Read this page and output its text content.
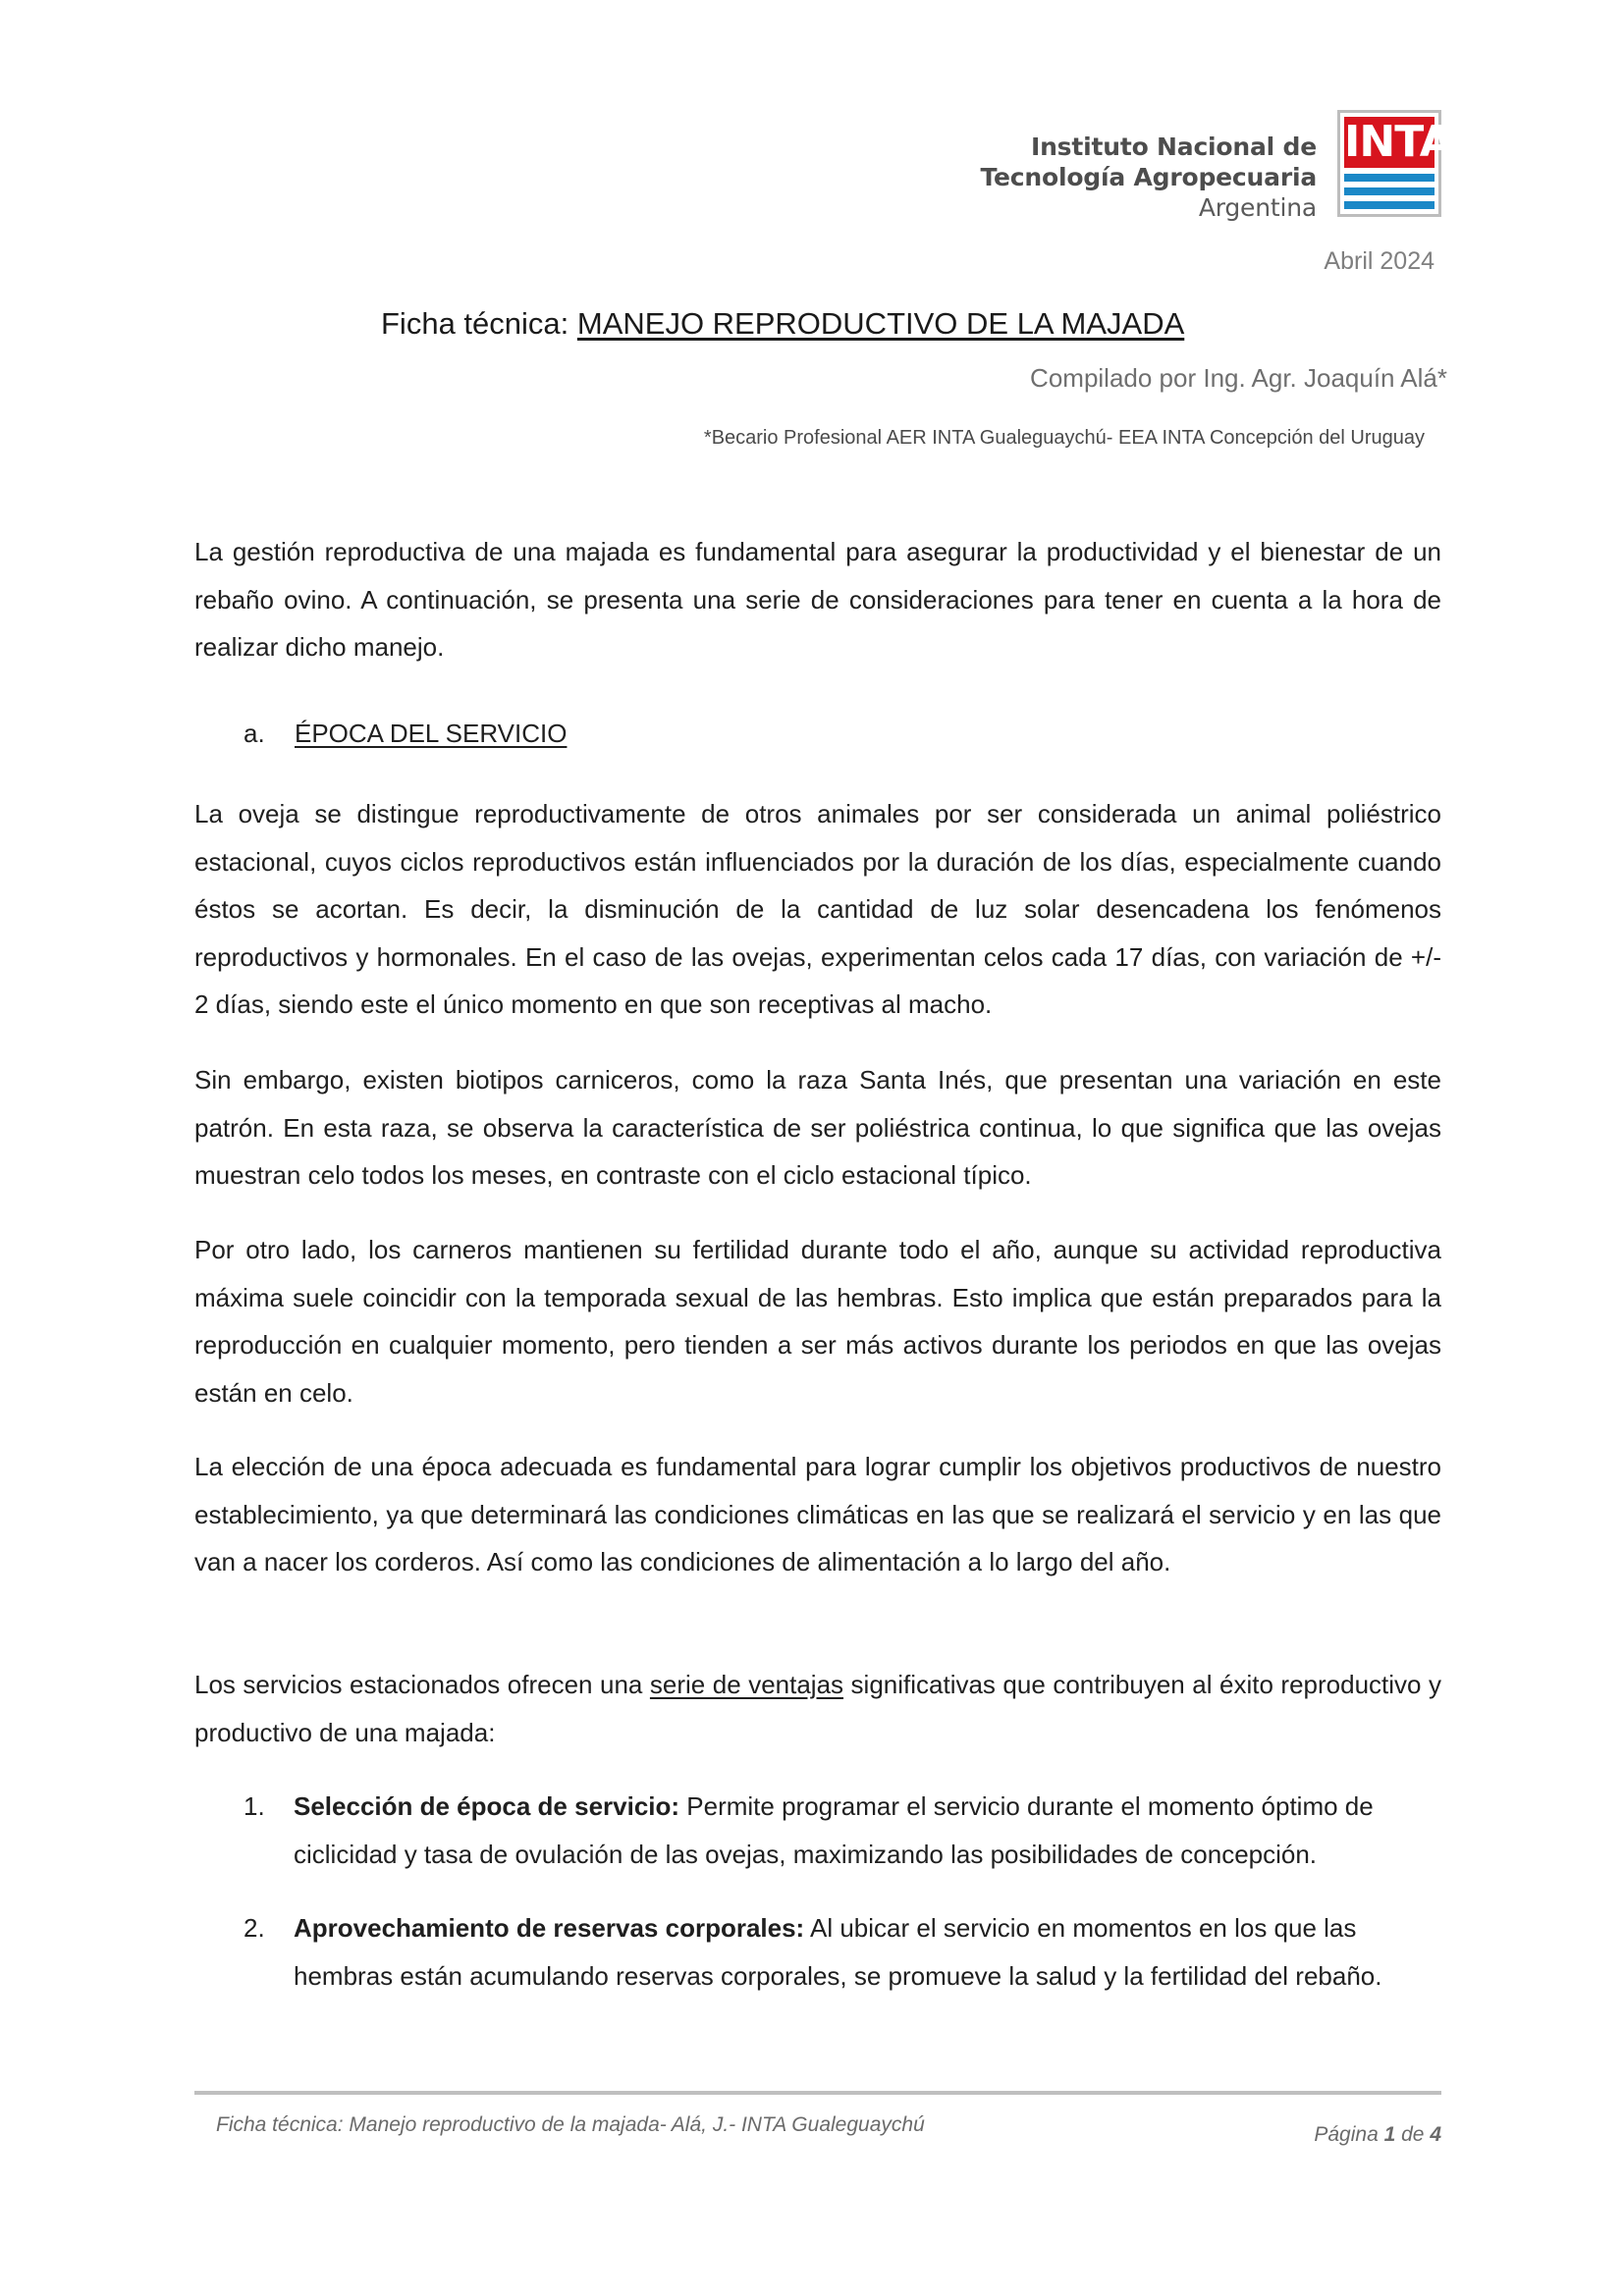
Instituto Nacional de
Tecnología Agropecuaria
Argentina
INTA
Abril 2024
Ficha técnica: MANEJO REPRODUCTIVO DE LA MAJADA
Compilado por Ing. Agr. Joaquín Alá*
*Becario Profesional AER INTA Gualeguaychú- EEA INTA Concepción del Uruguay

La gestión reproductiva de una majada es fundamental para asegurar la productividad y el bienestar de un rebaño ovino. A continuación, se presenta una serie de consideraciones para tener en cuenta a la hora de realizar dicho manejo.

a. ÉPOCA DEL SERVICIO

La oveja se distingue reproductivamente de otros animales por ser considerada un animal poliéstrico estacional, cuyos ciclos reproductivos están influenciados por la duración de los días, especialmente cuando éstos se acortan. Es decir, la disminución de la cantidad de luz solar desencadena los fenómenos reproductivos y hormonales. En el caso de las ovejas, experimentan celos cada 17 días, con variación de +/- 2 días, siendo este el único momento en que son receptivas al macho.

Sin embargo, existen biotipos carniceros, como la raza Santa Inés, que presentan una variación en este patrón. En esta raza, se observa la característica de ser poliéstrica continua, lo que significa que las ovejas muestran celo todos los meses, en contraste con el ciclo estacional típico.

Por otro lado, los carneros mantienen su fertilidad durante todo el año, aunque su actividad reproductiva máxima suele coincidir con la temporada sexual de las hembras. Esto implica que están preparados para la reproducción en cualquier momento, pero tienden a ser más activos durante los periodos en que las ovejas están en celo.

La elección de una época adecuada es fundamental para lograr cumplir los objetivos productivos de nuestro establecimiento, ya que determinará las condiciones climáticas en las que se realizará el servicio y en las que van a nacer los corderos. Así como las condiciones de alimentación a lo largo del año.

Los servicios estacionados ofrecen una serie de ventajas significativas que contribuyen al éxito reproductivo y productivo de una majada:

1. Selección de época de servicio: Permite programar el servicio durante el momento óptimo de ciclicidad y tasa de ovulación de las ovejas, maximizando las posibilidades de concepción.
2. Aprovechamiento de reservas corporales: Al ubicar el servicio en momentos en los que las hembras están acumulando reservas corporales, se promueve la salud y la fertilidad del rebaño.
Ficha técnica: Manejo reproductivo de la majada- Alá, J.- INTA Gualeguaychú	Página 1 de 4
